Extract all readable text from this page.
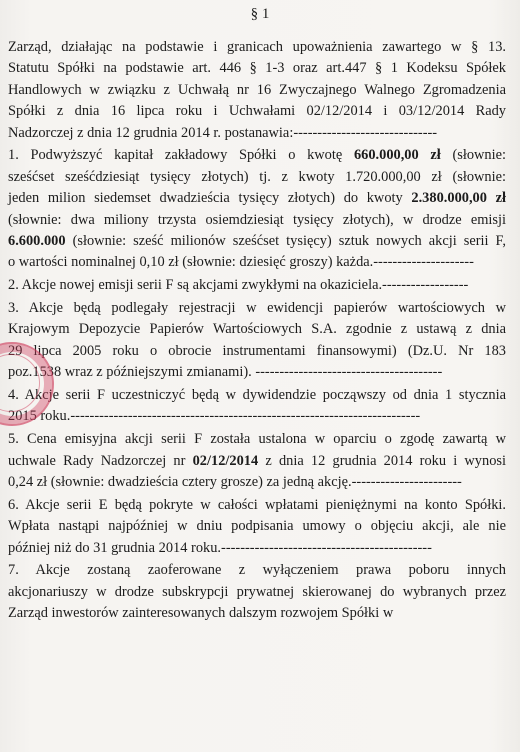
§ 1
Zarząd, działając na podstawie i granicach upoważnienia zawartego w § 13.
Statutu Spółki na podstawie art. 446 § 1-3 oraz art.447 § 1 Kodeksu Spółek
Handlowych w związku z Uchwałą nr 16 Zwyczajnego Walnego Zgromadzenia
Spółki z dnia 16 lipca roku i Uchwałami 02/12/2014 i 03/12/2014 Rady
Nadzorczej z dnia 12 grudnia 2014 r. postanawia:------------------------------
1. Podwyższyć kapitał zakładowy Spółki o kwotę 660.000,00 zł (słownie:
sześćset sześćdziesiąt tysięcy złotych) tj. z kwoty 1.720.000,00 zł (słownie:
jeden milion siedemset dwadzieścia tysięcy złotych) do kwoty 2.380.000,00 zł
(słownie: dwa miliony trzysta osiemdziesiąt tysięcy złotych), w drodze emisji
6.600.000 (słownie: sześć milionów sześćset tysięcy) sztuk nowych akcji serii F,
o wartości nominalnej 0,10 zł (słownie: dziesięć groszy) każda.---------------------
2. Akcje nowej emisji serii F są akcjami zwykłymi na okaziciela.------------------
3. Akcje będą podlegały rejestracji w ewidencji papierów wartościowych w
Krajowym Depozycie Papierów Wartościowych S.A. zgodnie z ustawą z dnia
29 lipca 2005 roku o obrocie instrumentami finansowymi) (Dz.U. Nr 183
poz.1538 wraz z późniejszymi zmianami). ---------------------------------------
4. Akcje serii F uczestniczyć będą w dywidendzie począwszy od dnia 1 stycznia
2015 roku.-------------------------------------------------------------------------
5. Cena emisyjna akcji serii F została ustalona w oparciu o zgodę zawartą w
uchwale Rady Nadzorczej nr 02/12/2014 z dnia 12 grudnia 2014 roku i wynosi
0,24 zł (słownie: dwadzieścia cztery grosze) za jedną akcję.-----------------------
6. Akcje serii E będą pokryte w całości wpłatami pieniężnymi na konto Spółki.
Wpłata nastąpi najpóźniej w dniu podpisania umowy o objęciu akcji, ale nie
później niż do 31 grudnia 2014 roku.--------------------------------------------
7. Akcje zostaną zaoferowane z wyłączeniem prawa poboru innych
akcjonariuszy w drodze subskrypcji prywatnej skierowanej do wybranych przez
Zarząd inwestorów zainteresowanych dalszym rozwojem Spółki w
